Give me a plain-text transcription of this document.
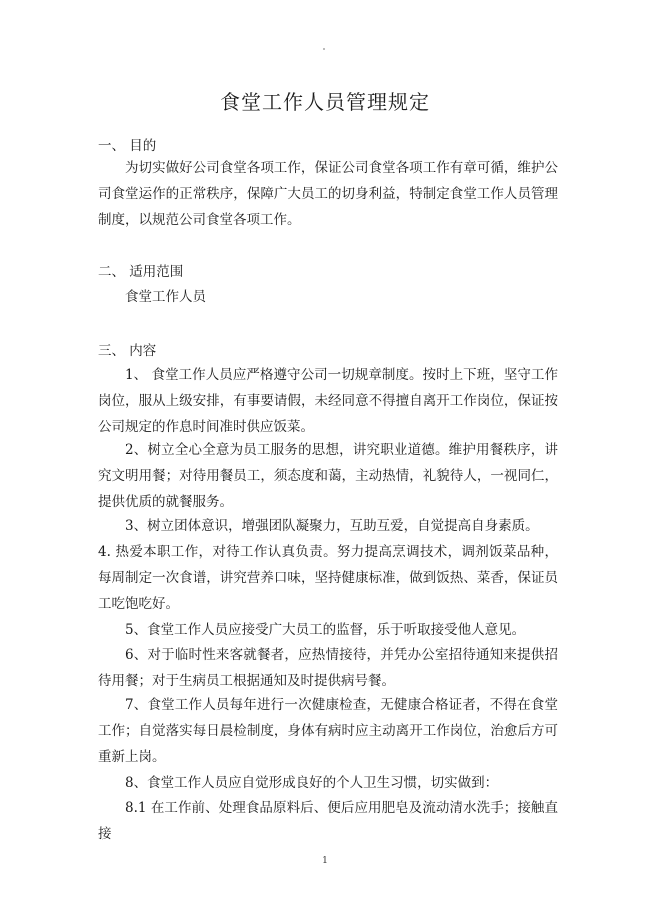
食堂工作人员管理规定
一、 目的
为切实做好公司食堂各项工作，保证公司食堂各项工作有章可循，维护公司食堂运作的正常秩序，保障广大员工的切身利益，特制定食堂工作人员管理制度，以规范公司食堂各项工作。
二、 适用范围
食堂工作人员
三、 内容
1、 食堂工作人员应严格遵守公司一切规章制度。按时上下班，坚守工作岗位，服从上级安排，有事要请假，未经同意不得擅自离开工作岗位，保证按公司规定的作息时间准时供应饭菜。
2、树立全心全意为员工服务的思想，讲究职业道德。维护用餐秩序，讲究文明用餐；对待用餐员工，须态度和蔼，主动热情，礼貌待人，一视同仁，提供优质的就餐服务。
3、树立团体意识，增强团队凝聚力，互助互爱，自觉提高自身素质。
4. 热爱本职工作，对待工作认真负责。努力提高烹调技术，调剂饭菜品种，每周制定一次食谱，讲究营养口味，坚持健康标准，做到饭热、菜香，保证员工吃饱吃好。
5、食堂工作人员应接受广大员工的监督，乐于听取接受他人意见。
6、对于临时性来客就餐者，应热情接待，并凭办公室招待通知来提供招待用餐；对于生病员工根据通知及时提供病号餐。
7、食堂工作人员每年进行一次健康检查，无健康合格证者，不得在食堂工作；自觉落实每日晨检制度，身体有病时应主动离开工作岗位，治愈后方可重新上岗。
8、食堂工作人员应自觉形成良好的个人卫生习惯，切实做到：
8.1 在工作前、处理食品原料后、便后应用肥皂及流动清水洗手；接触直接
1
